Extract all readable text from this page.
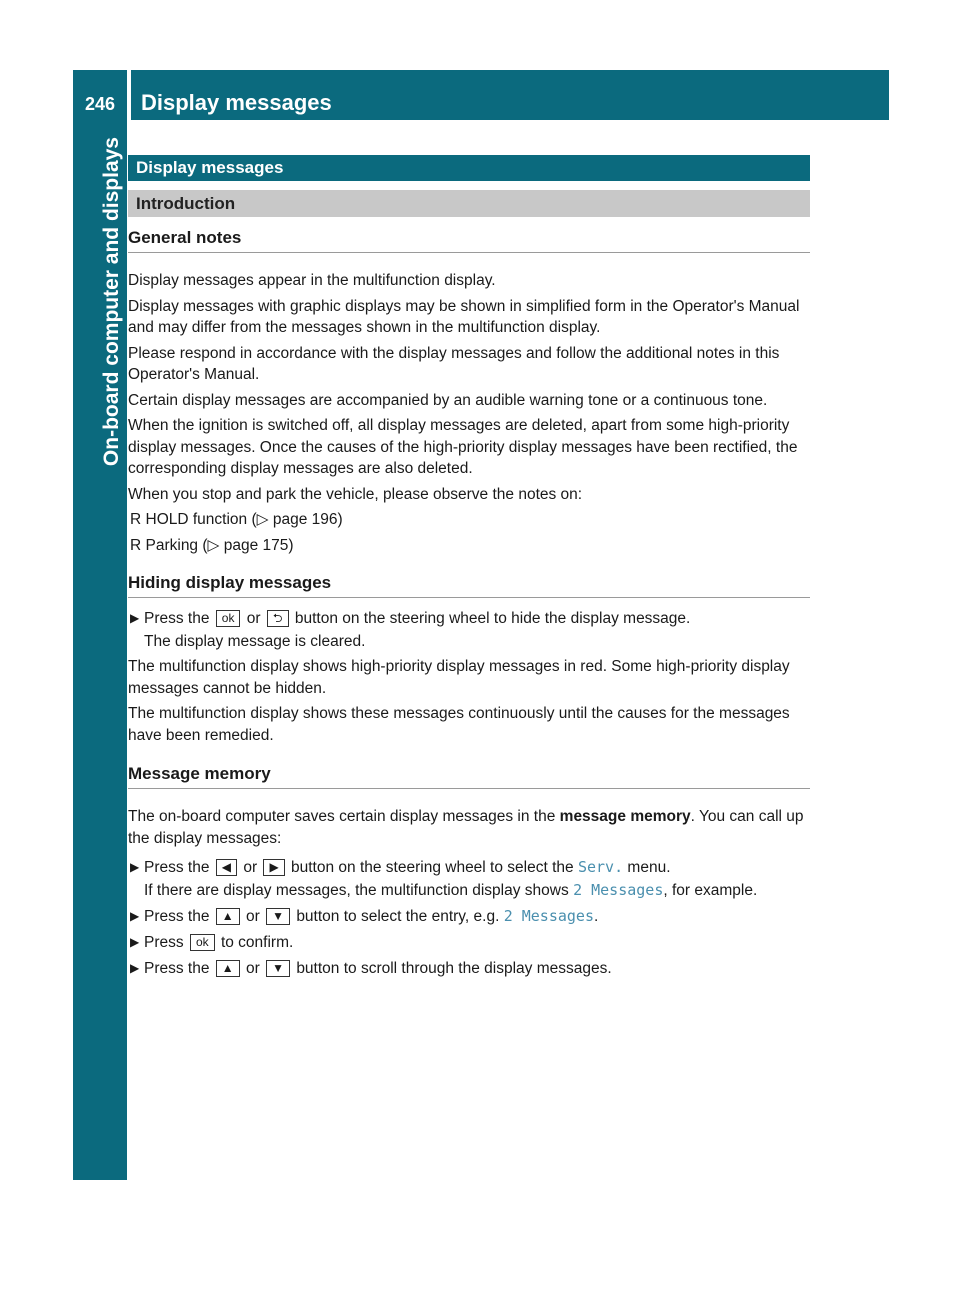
246 Display messages
On-board computer and displays Display messages
Introduction
General notes

Display messages appear in the multifunction display.

Display messages with graphic displays may be shown in simplified form in the Operator's Manual and may differ from the messages shown in the multifunction display.

Please respond in accordance with the display messages and follow the additional notes in this Operator's Manual.

Certain display messages are accompanied by an audible warning tone or a continuous tone.

When the ignition is switched off, all display messages are deleted, apart from some high-priority display messages. Once the causes of the high-priority display messages have been rectified, the corresponding display messages are also deleted.

When you stop and park the vehicle, please observe the notes on:

R HOLD function (▷ page 196)
R Parking (▷ page 175)
Hiding display messages
▶ Press the ok or ⮌ button on the steering wheel to hide the display message.
The display message is cleared.

The multifunction display shows high-priority display messages in red. Some high-priority display messages cannot be hidden.

The multifunction display shows these messages continuously until the causes for the messages have been remedied.

Message memory

The on-board computer saves certain display messages in the message memory. You can call up the display messages:

▶ Press the ◀ or ▶ button on the steering wheel to select the Serv. menu.
If there are display messages, the multifunction display shows 2 Messages, for example.
▶ Press the ▲ or ▼ button to select the entry, e.g. 2 Messages.
▶ Press ok to confirm.
▶ Press the ▲ or ▼ button to scroll through the display messages.
